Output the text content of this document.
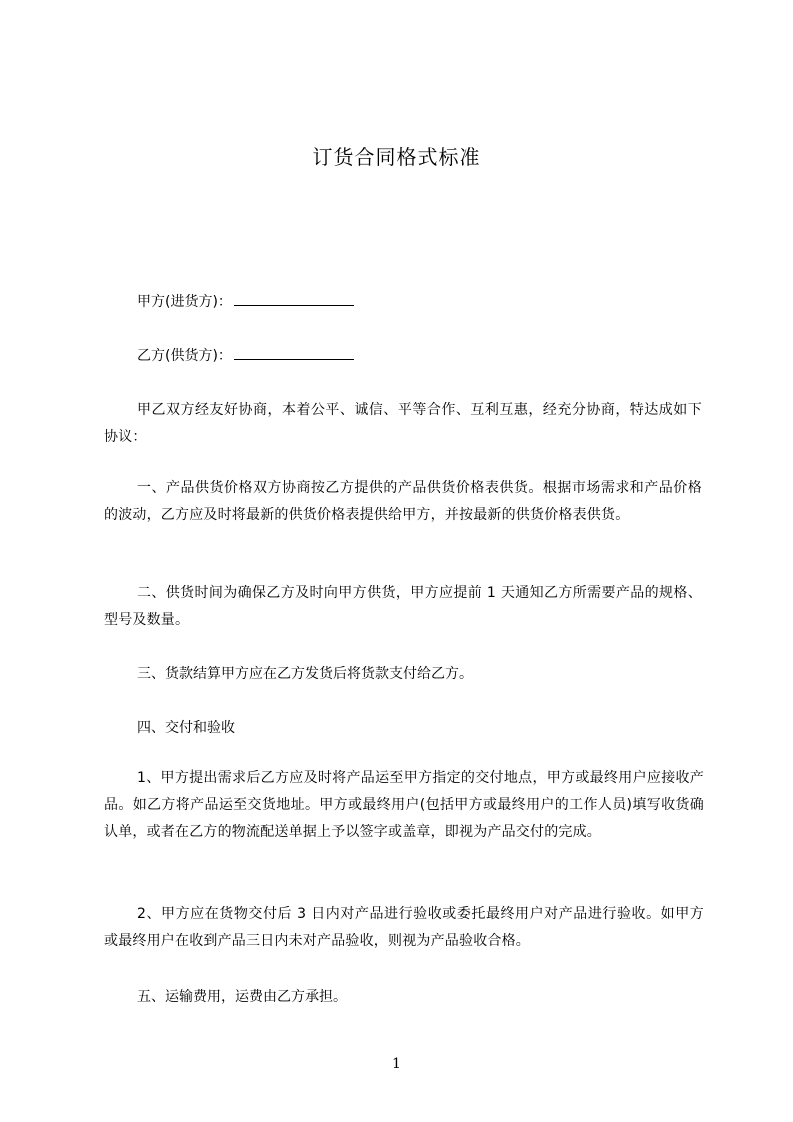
订货合同格式标准
甲方(进货方)：
乙方(供货方)：
甲乙双方经友好协商，本着公平、诚信、平等合作、互利互惠，经充分协商，特达成如下协议：
一、产品供货价格双方协商按乙方提供的产品供货价格表供货。根据市场需求和产品价格的波动，乙方应及时将最新的供货价格表提供给甲方，并按最新的供货价格表供货。
二、供货时间为确保乙方及时向甲方供货，甲方应提前 1 天通知乙方所需要产品的规格、型号及数量。
三、货款结算甲方应在乙方发货后将货款支付给乙方。
四、交付和验收
1、甲方提出需求后乙方应及时将产品运至甲方指定的交付地点，甲方或最终用户应接收产品。如乙方将产品运至交货地址。甲方或最终用户(包括甲方或最终用户的工作人员)填写收货确认单，或者在乙方的物流配送单据上予以签字或盖章，即视为产品交付的完成。
2、甲方应在货物交付后 3 日内对产品进行验收或委托最终用户对产品进行验收。如甲方或最终用户在收到产品三日内未对产品验收，则视为产品验收合格。
五、运输费用，运费由乙方承担。
1
